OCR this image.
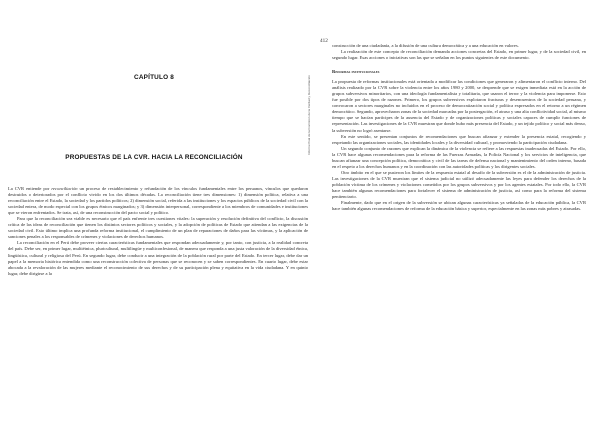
CAPÍTULO 8
PROPUESTAS DE LA CVR. HACIA LA RECONCILIACIÓN

La CVR entiende por reconciliación un proceso de restablecimiento y refundación de los vínculos fundamentales entre los peruanos, vínculos que quedaron destruidos o deteriorados por el conflicto vivido en los dos últimos décadas. La reconciliación tiene tres dimensiones: 1) dimensión política, relativa a una reconciliación entre el Estado, la sociedad y los partidos políticos; 2) dimensión social, referida a las instituciones y los espacios públicos de la sociedad civil con la sociedad entera, de modo especial con los grupos étnicos marginados; y 3) dimensión interpersonal, correspondiente a los miembros de comunidades e instituciones que se vieron enfrentados. Se trata, así, de una reconstrucción del pacto social y político.

Para que la reconciliación sea viable es necesario que el país enfrente tres cuestiones vitales: la superación y resolución definitiva del conflicto, la discusión crítica de las ideas de reconciliación que tienen los distintos sectores políticos y sociales, y la adopción de políticas de Estado que atiendan a las exigencias de la sociedad civil. Esto último implica una profunda reforma institucional, el cumplimiento de un plan de reparaciones de daños para las víctimas, y la aplicación de sanciones penales a los responsables de crímenes y violaciones de derechos humanos.

La reconciliación en el Perú debe proveer ciertas características fundamentales que respondan adecuadamente y, por tanto, con justicia, a la realidad concreta del país. Debe ser, en primer lugar, multiétnica, pluricultural, multilingüe y multiconfesional, de manera que responda a una justa valoración de la diversidad étnica, lingüística, cultural y religiosa del Perú. En segundo lugar, debe conducir a una integración de la población rural por parte del Estado. En tercer lugar, debe dar un papel a la memoria histórica entendida como una reconstrucción colectiva de personas que se reconocen y se saben correspondientes. En cuarto lugar, debe estar abocada a la revaloración de las mujeres mediante el reconocimiento de sus derechos y de su participación plena y equitativa en la vida ciudadana. Y en quinto lugar, debe dirigirse a la

Informe final de la Comisión de la Verdad y Reconciliación
412

construcción de una ciudadanía, a la difusión de una cultura democrática y a una educación en valores.

La realización de este concepto de reconciliación demanda acciones concretas del Estado, en primer lugar, y de la sociedad civil, en segundo lugar. Esas acciones o iniciativas son las que se señalan en los puntos siguientes de este documento.

Reformas institucionales

La propuesta de reformas institucionales está orientada a modificar las condiciones que generaron y alimentaron el conflicto interno. Del análisis realizado por la CVR sobre la violencia entre los años 1980 y 2000, se desprende que se exigen inmediata está en la acción de grupos subversivos minoritarios, con una ideología fundamentalista y totalitaria, que usaron el terror y la violencia para imponerse. Esto fue posible por dos tipos de razones. Primero, los grupos subversivos explotaron fracturas y desencuentros de la sociedad peruana, y convocaron a sectores marginales no incluidos en el proceso de democratización social y política expresados en el retorno a un régimen democrático. Segundo, aprovecharon zonas de la sociedad marcadas por la postergación, el atraso y una alta conflictividad social, al mismo tiempo que se hacían partícipes de la ausencia del Estado y de organizaciones políticas y sociales capaces de cumplir funciones de representación. Las investigaciones de la CVR muestran que donde hubo más presencia del Estado, y un tejido político y social más denso, la subversión no logró asentarse.

En este sentido, se presentan conjuntos de recomendaciones que buscan afianzar y extender la presencia estatal, recogiendo y respetando las organizaciones sociales, las identidades locales y la diversidad cultural, y promoviendo la participación ciudadana.

Un segundo conjunto de razones que explican la dinámica de la violencia se refiere a las respuestas inadecuadas del Estado. Por ello, la CVR hace algunas recomendaciones para la reforma de las Fuerzas Armadas, la Policía Nacional y los servicios de inteligencia, que buscan afianzar una concepción política, democrática y civil de las tareas de defensa nacional y mantenimiento del orden interno, basada en el respeto a los derechos humanos y en la coordinación con las autoridades políticas y los dirigentes sociales.

Otro ámbito en el que se pusieron los límites de la respuesta estatal al desafío de la subversión es el de la administración de justicia. Las investigaciones de la CVR muestran que el sistema judicial no utilizó adecuadamente las leyes para defender los derechos de la población víctima de los crímenes y violaciones cometidos por los grupos subversivos y por los agentes estatales. Por todo ello, la CVR hace también algunas recomendaciones para fortalecer el sistema de administración de justicia, así como para la reforma del sistema penitenciario.

Finalmente, dado que en el origen de la subversión se ubican algunas características ya señaladas de la educación pública, la CVR hace también algunas recomendaciones de reforma de la educación básica y superior, especialmente en las zonas más pobres y atrasadas.
